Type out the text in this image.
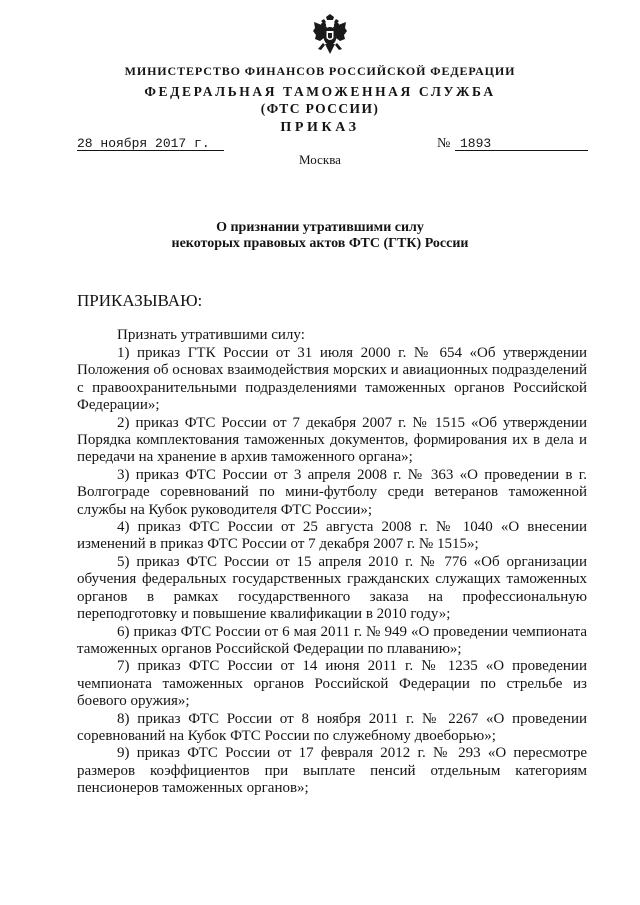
МИНИСТЕРСТВО ФИНАНСОВ РОССИЙСКОЙ ФЕДЕРАЦИИ
ФЕДЕРАЛЬНАЯ ТАМОЖЕННАЯ СЛУЖБА
(ФТС РОССИИ)
ПРИКАЗ
28 ноября 2017 г.	№ 1893
Москва
О признании утратившими силу
некоторых правовых актов ФТС (ГТК) России
ПРИКАЗЫВАЮ:
Признать утратившими силу:

1) приказ ГТК России от 31 июля 2000 г. № 654 «Об утверждении Положения об основах взаимодействия морских и авиационных подразделений с правоохранительными подразделениями таможенных органов Российской Федерации»;

2) приказ ФТС России от 7 декабря 2007 г. № 1515 «Об утверждении Порядка комплектования таможенных документов, формирования их в дела и передачи на хранение в архив таможенного органа»;

3) приказ ФТС России от 3 апреля 2008 г. № 363 «О проведении в г. Волгограде соревнований по мини-футболу среди ветеранов таможенной службы на Кубок руководителя ФТС России»;

4) приказ ФТС России от 25 августа 2008 г. № 1040 «О внесении изменений в приказ ФТС России от 7 декабря 2007 г. № 1515»;

5) приказ ФТС России от 15 апреля 2010 г. № 776 «Об организации обучения федеральных государственных гражданских служащих таможенных органов в рамках государственного заказа на профессиональную переподготовку и повышение квалификации в 2010 году»;

6) приказ ФТС России от 6 мая 2011 г. № 949 «О проведении чемпионата таможенных органов Российской Федерации по плаванию»;

7) приказ ФТС России от 14 июня 2011 г. № 1235 «О проведении чемпионата таможенных органов Российской Федерации по стрельбе из боевого оружия»;

8) приказ ФТС России от 8 ноября 2011 г. № 2267 «О проведении соревнований на Кубок ФТС России по служебному двоеборью»;

9) приказ ФТС России от 17 февраля 2012 г. № 293 «О пересмотре размеров коэффициентов при выплате пенсий отдельным категориям пенсионеров таможенных органов»;
